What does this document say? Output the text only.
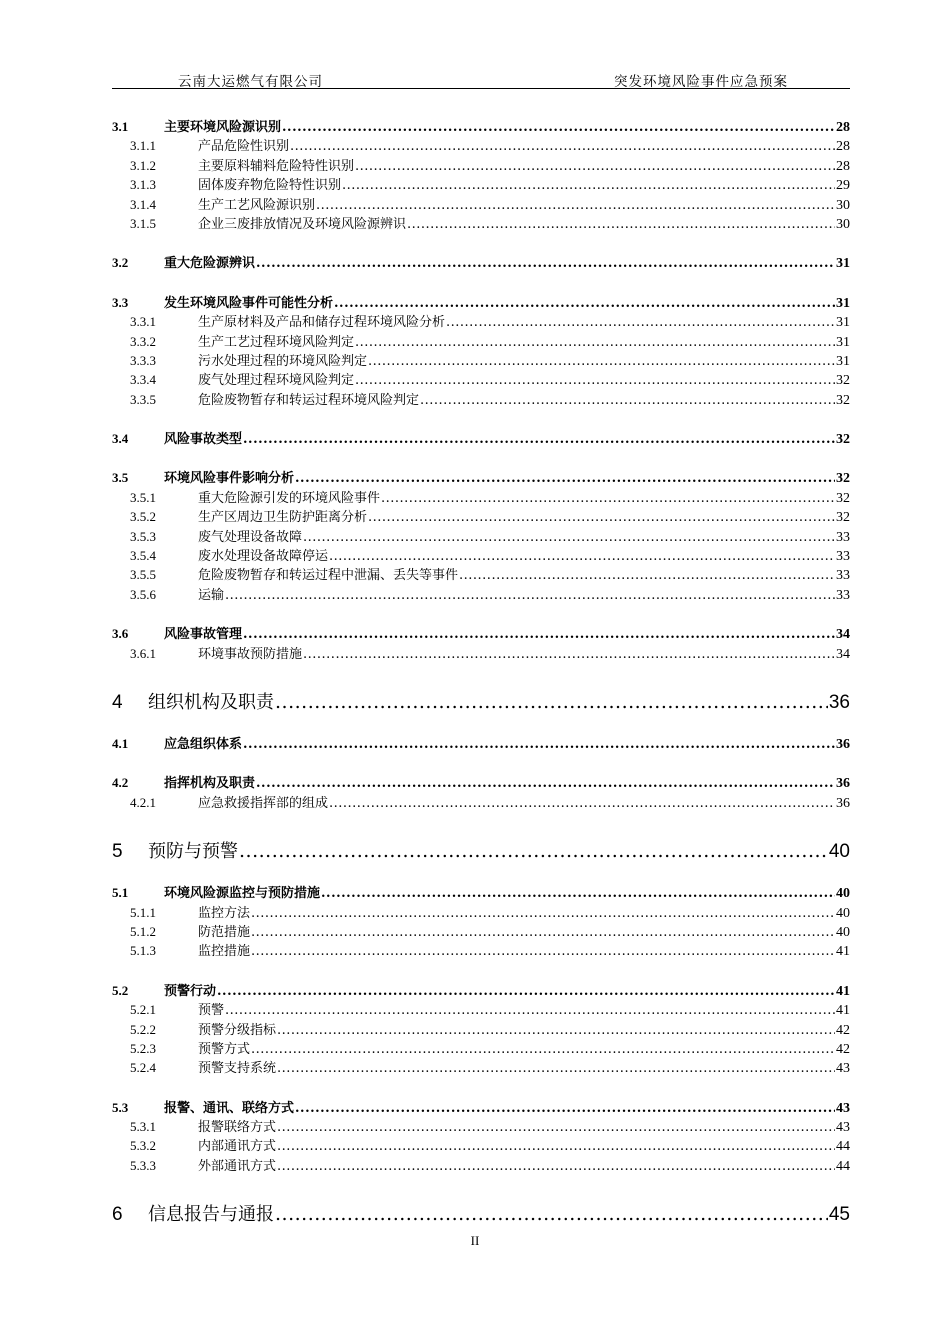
云南大运燃气有限公司	突发环境风险事件应急预案
3.1	主要环境风险源识别 .....	28
3.1.1	产品危险性识别 .....	28
3.1.2	主要原料辅料危险特性识别 .....	28
3.1.3	固体废弃物危险特性识别 .....	29
3.1.4	生产工艺风险源识别 .....	30
3.1.5	企业三废排放情况及环境风险源辨识 .....	30
3.2	重大危险源辨识 .....	31
3.3	发生环境风险事件可能性分析 .....	31
3.3.1	生产原材料及产品和储存过程环境风险分析 .....	31
3.3.2	生产工艺过程环境风险判定 .....	31
3.3.3	污水处理过程的环境风险判定 .....	31
3.3.4	废气处理过程环境风险判定 .....	32
3.3.5	危险废物暂存和转运过程环境风险判定 .....	32
3.4	风险事故类型 .....	32
3.5	环境风险事件影响分析 .....	32
3.5.1	重大危险源引发的环境风险事件 .....	32
3.5.2	生产区周边卫生防护距离分析 .....	32
3.5.3	废气处理设备故障 .....	33
3.5.4	废水处理设备故障停运 .....	33
3.5.5	危险废物暂存和转运过程中泄漏、丢失等事件 .....	33
3.5.6	运输 .....	33
3.6	风险事故管理 .....	34
3.6.1	环境事故预防措施 .....	34
4	组织机构及职责 .....	36
4.1	应急组织体系 .....	36
4.2	指挥机构及职责 .....	36
4.2.1	应急救援指挥部的组成 .....	36
5	预防与预警 .....	40
5.1	环境风险源监控与预防措施 .....	40
5.1.1	监控方法 .....	40
5.1.2	防范措施 .....	40
5.1.3	监控措施 .....	41
5.2	预警行动 .....	41
5.2.1	预警 .....	41
5.2.2	预警分级指标 .....	42
5.2.3	预警方式 .....	42
5.2.4	预警支持系统 .....	43
5.3	报警、通讯、联络方式 .....	43
5.3.1	报警联络方式 .....	43
5.3.2	内部通讯方式 .....	44
5.3.3	外部通讯方式 .....	44
6	信息报告与通报 .....	45
II
